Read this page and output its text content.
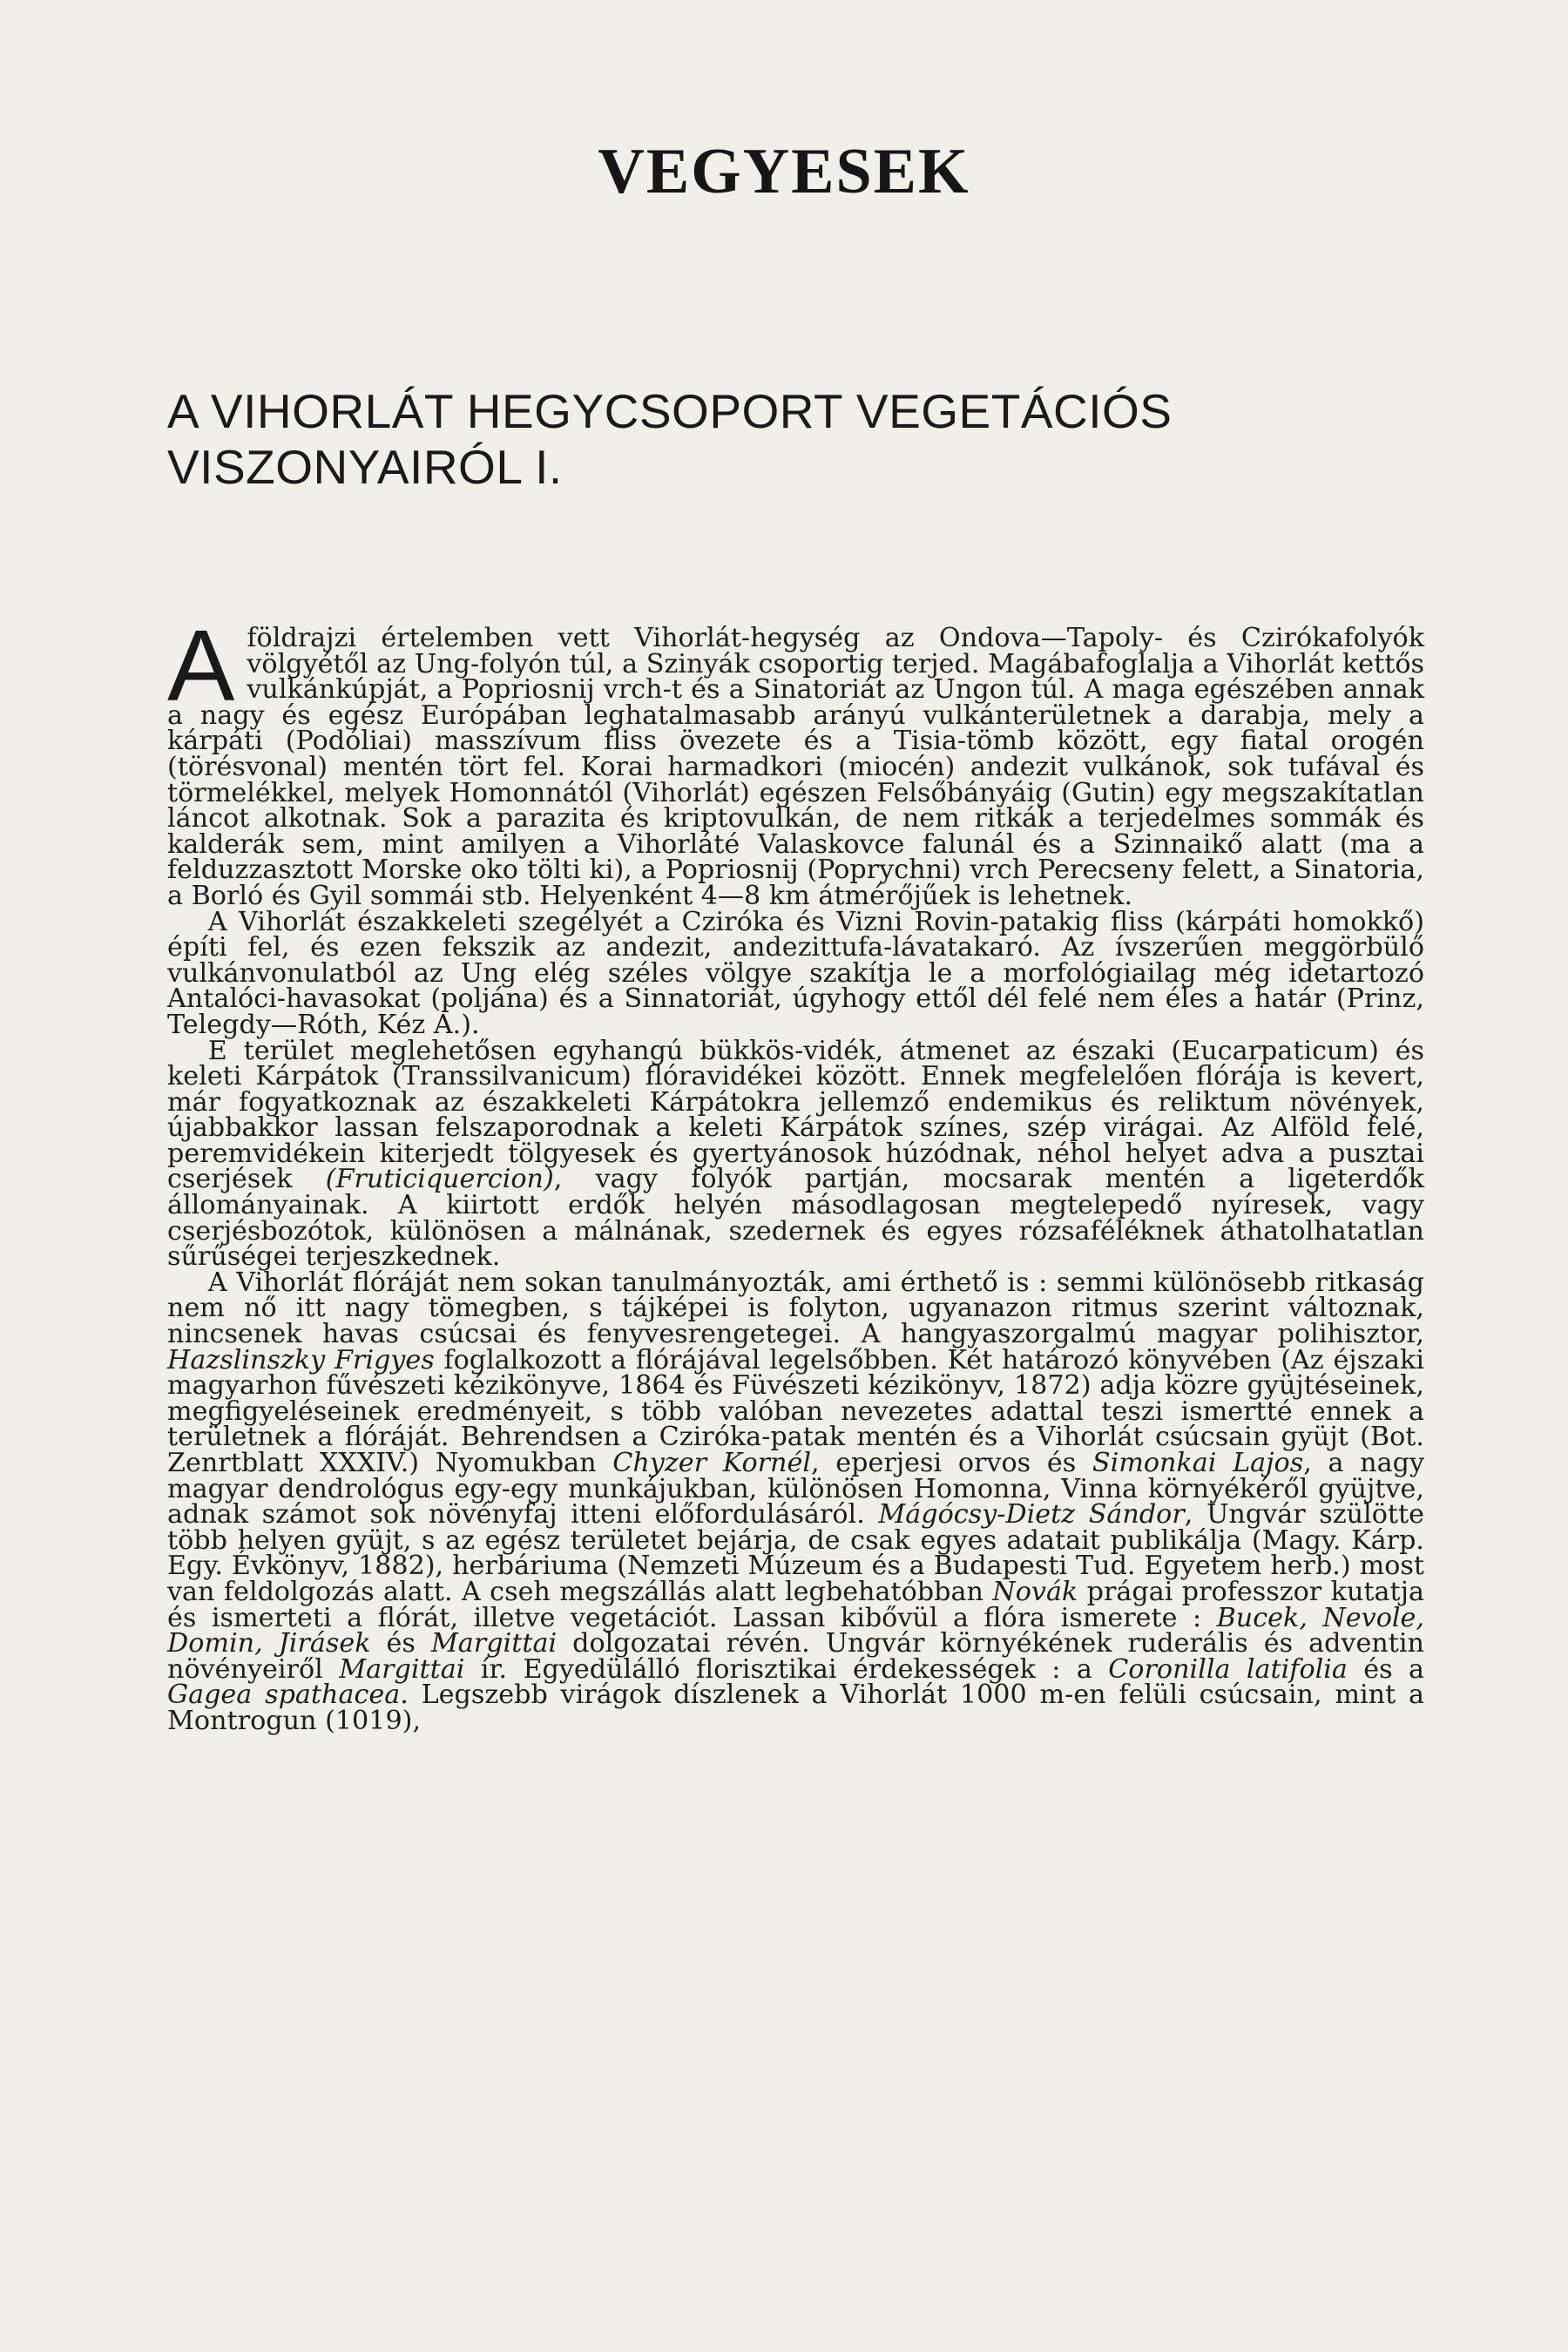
VEGYESEK
A VIHORLÁT HEGYCSOPORT VEGETÁCIÓS
VISZONYAIRÓL I.

Aföldrajzi értelemben vett Vihorlát-hegység az Ondova—Tapoly- és Czirókafolyók völgyétől az Ung-folyón túl, a Szinyák csoportig terjed. Magábafoglalja a Vihorlát kettős vulkánkúpját, a Popriosnij vrch-t és a Sinatoriát az Ungon túl. A maga egészében annak a nagy és egész Európában leghatalmasabb arányú vulkánterületnek a darabja, mely a kárpáti (Podóliai) masszívum fliss övezete és a Tisia-tömb között, egy fiatal orogén (törésvonal) mentén tört fel. Korai harmadkori (miocén) andezit vulkánok, sok tufával és törmelékkel, melyek Homonnától (Vihorlát) egészen Felsőbányáig (Gutin) egy megszakítatlan láncot alkotnak. Sok a parazita és kriptovulkán, de nem ritkák a terjedelmes sommák és kalderák sem, mint amilyen a Vihorláté Valaskovce falunál és a Szinnaikő alatt (ma a felduzzasztott Morske oko tölti ki), a Popriosnij (Poprychni) vrch Perecseny felett, a Sinatoria, a Borló és Gyil sommái stb. Helyenként 4—8 km átmérőjűek is lehetnek.

A Vihorlát északkeleti szegélyét a Cziróka és Vizni Rovin-patakig fliss (kárpáti homokkő) építi fel, és ezen fekszik az andezit, andezittufa-lávatakaró. Az ívszerűen meggörbülő vulkánvonulatból az Ung elég széles völgye szakítja le a morfológiailag még idetartozó Antalóci-havasokat (poljána) és a Sinnatoriát, úgyhogy ettől dél felé nem éles a határ (Prinz, Telegdy—Róth, Kéz A.).

E terület meglehetősen egyhangú bükkös-vidék, átmenet az északi (Eucarpaticum) és keleti Kárpátok (Transsilvanicum) flóravidékei között. Ennek megfelelően flórája is kevert, már fogyatkoznak az északkeleti Kárpátokra jellemző endemikus és reliktum növények, újabbakkor lassan felszaporodnak a keleti Kárpátok színes, szép virágai. Az Alföld felé, peremvidékein kiterjedt tölgyesek és gyertyánosok húzódnak, néhol helyet adva a pusztai cserjések (Fruticiquercion), vagy folyók partján, mocsarak mentén a ligeterdők állományainak. A kiirtott erdők helyén másodlagosan megtelepedő nyíresek, vagy cserjésbozótok, különösen a málnának, szedernek és egyes rózsaféléknek áthatolhatatlan sűrűségei terjeszkednek.

A Vihorlát flóráját nem sokan tanulmányozták, ami érthető is : semmi különösebb ritkaság nem nő itt nagy tömegben, s tájképei is folyton, ugyanazon ritmus szerint változnak, nincsenek havas csúcsai és fenyvesrengetegei. A hangyaszorgalmú magyar polihisztor, Hazslinszky Frigyes foglalkozott a flórájával legelsőbben. Két határozó könyvében (Az éjszaki magyarhon fűvészeti kézikönyve, 1864 és Füvészeti kézikönyv, 1872) adja közre gyüjtéseinek, megfigyeléseinek eredményeit, s több valóban nevezetes adattal teszi ismertté ennek a területnek a flóráját. Behrendsen a Cziróka-patak mentén és a Vihorlát csúcsain gyüjt (Bot. Zenrtblatt XXXIV.) Nyomukban Chyzer Kornél, eperjesi orvos és Simonkai Lajos, a nagy magyar dendrológus egy-egy munkájukban, különösen Homonna, Vinna környékéről gyüjtve, adnak számot sok növényfaj itteni előfordulásáról. Mágócsy-Dietz Sándor, Ungvár szülötte több helyen gyüjt, s az egész területet bejárja, de csak egyes adatait publikálja (Magy. Kárp. Egy. Évkönyv, 1882), herbáriuma (Nemzeti Múzeum és a Budapesti Tud. Egyetem herb.) most van feldolgozás alatt. A cseh megszállás alatt legbehatóbban Novák prágai professzor kutatja és ismerteti a flórát, illetve vegetációt. Lassan kibővül a flóra ismerete : Bucek, Nevole, Domin, Jirásek és Margittai dolgozatai révén. Ungvár környékének ruderális és adventin növényeiről Margittai ír. Egyedülálló florisztikai érdekességek : a Coronilla latifolia és a Gagea spathacea. Legszebb virágok díszlenek a Vihorlát 1000 m-en felüli csúcsain, mint a Montrogun (1019),
